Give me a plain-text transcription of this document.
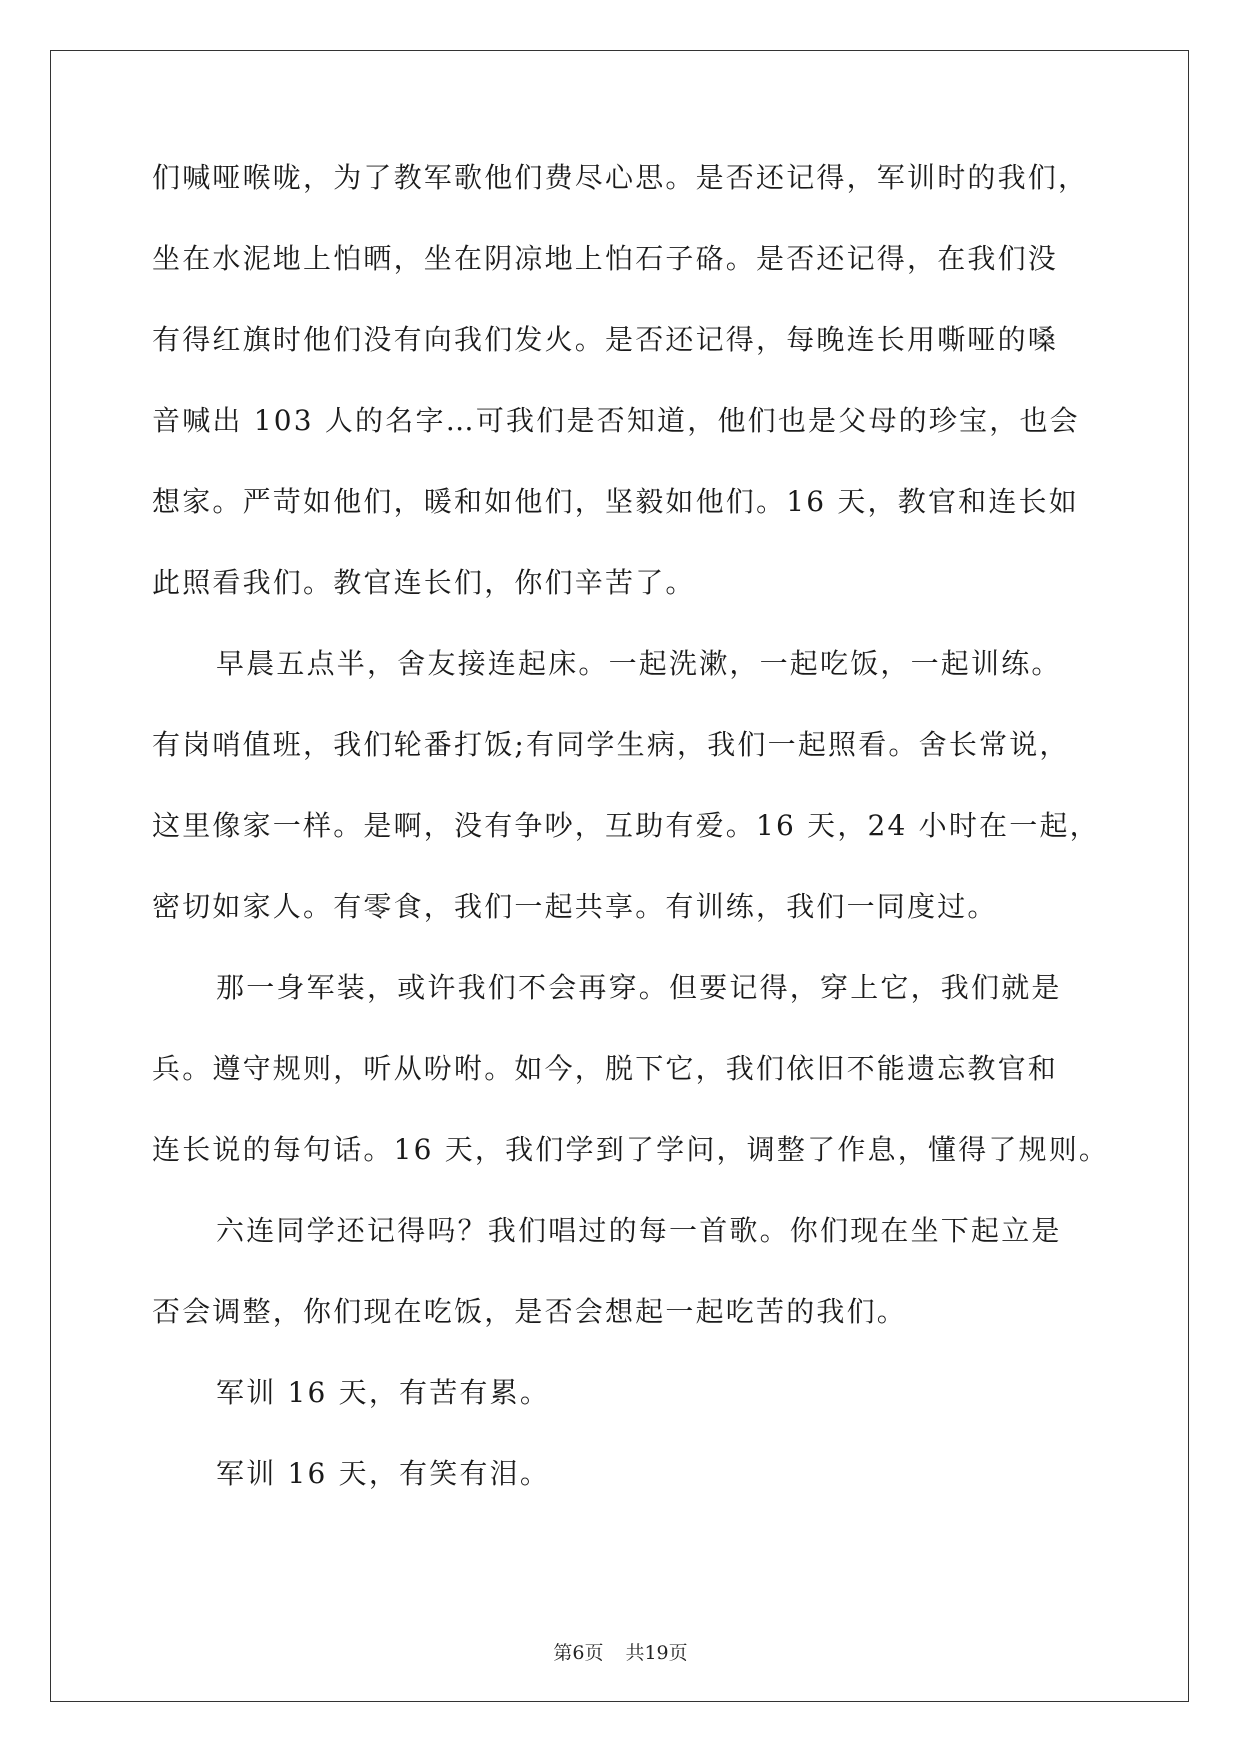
们喊哑喉咙，为了教军歌他们费尽心思。是否还记得，军训时的我们，
坐在水泥地上怕晒，坐在阴凉地上怕石子硌。是否还记得，在我们没
有得红旗时他们没有向我们发火。是否还记得，每晚连长用嘶哑的嗓
音喊出 103 人的名字…可我们是否知道，他们也是父母的珍宝，也会
想家。严苛如他们，暖和如他们，坚毅如他们。16 天，教官和连长如
此照看我们。教官连长们，你们辛苦了。
早晨五点半，舍友接连起床。一起洗漱，一起吃饭，一起训练。
有岗哨值班，我们轮番打饭;有同学生病，我们一起照看。舍长常说，
这里像家一样。是啊，没有争吵，互助有爱。16 天，24 小时在一起，
密切如家人。有零食，我们一起共享。有训练，我们一同度过。
那一身军装，或许我们不会再穿。但要记得，穿上它，我们就是
兵。遵守规则，听从吩咐。如今，脱下它，我们依旧不能遗忘教官和
连长说的每句话。16 天，我们学到了学问，调整了作息，懂得了规则。
六连同学还记得吗？我们唱过的每一首歌。你们现在坐下起立是
否会调整，你们现在吃饭，是否会想起一起吃苦的我们。
军训 16 天，有苦有累。
军训 16 天，有笑有泪。
第6页 共19页
